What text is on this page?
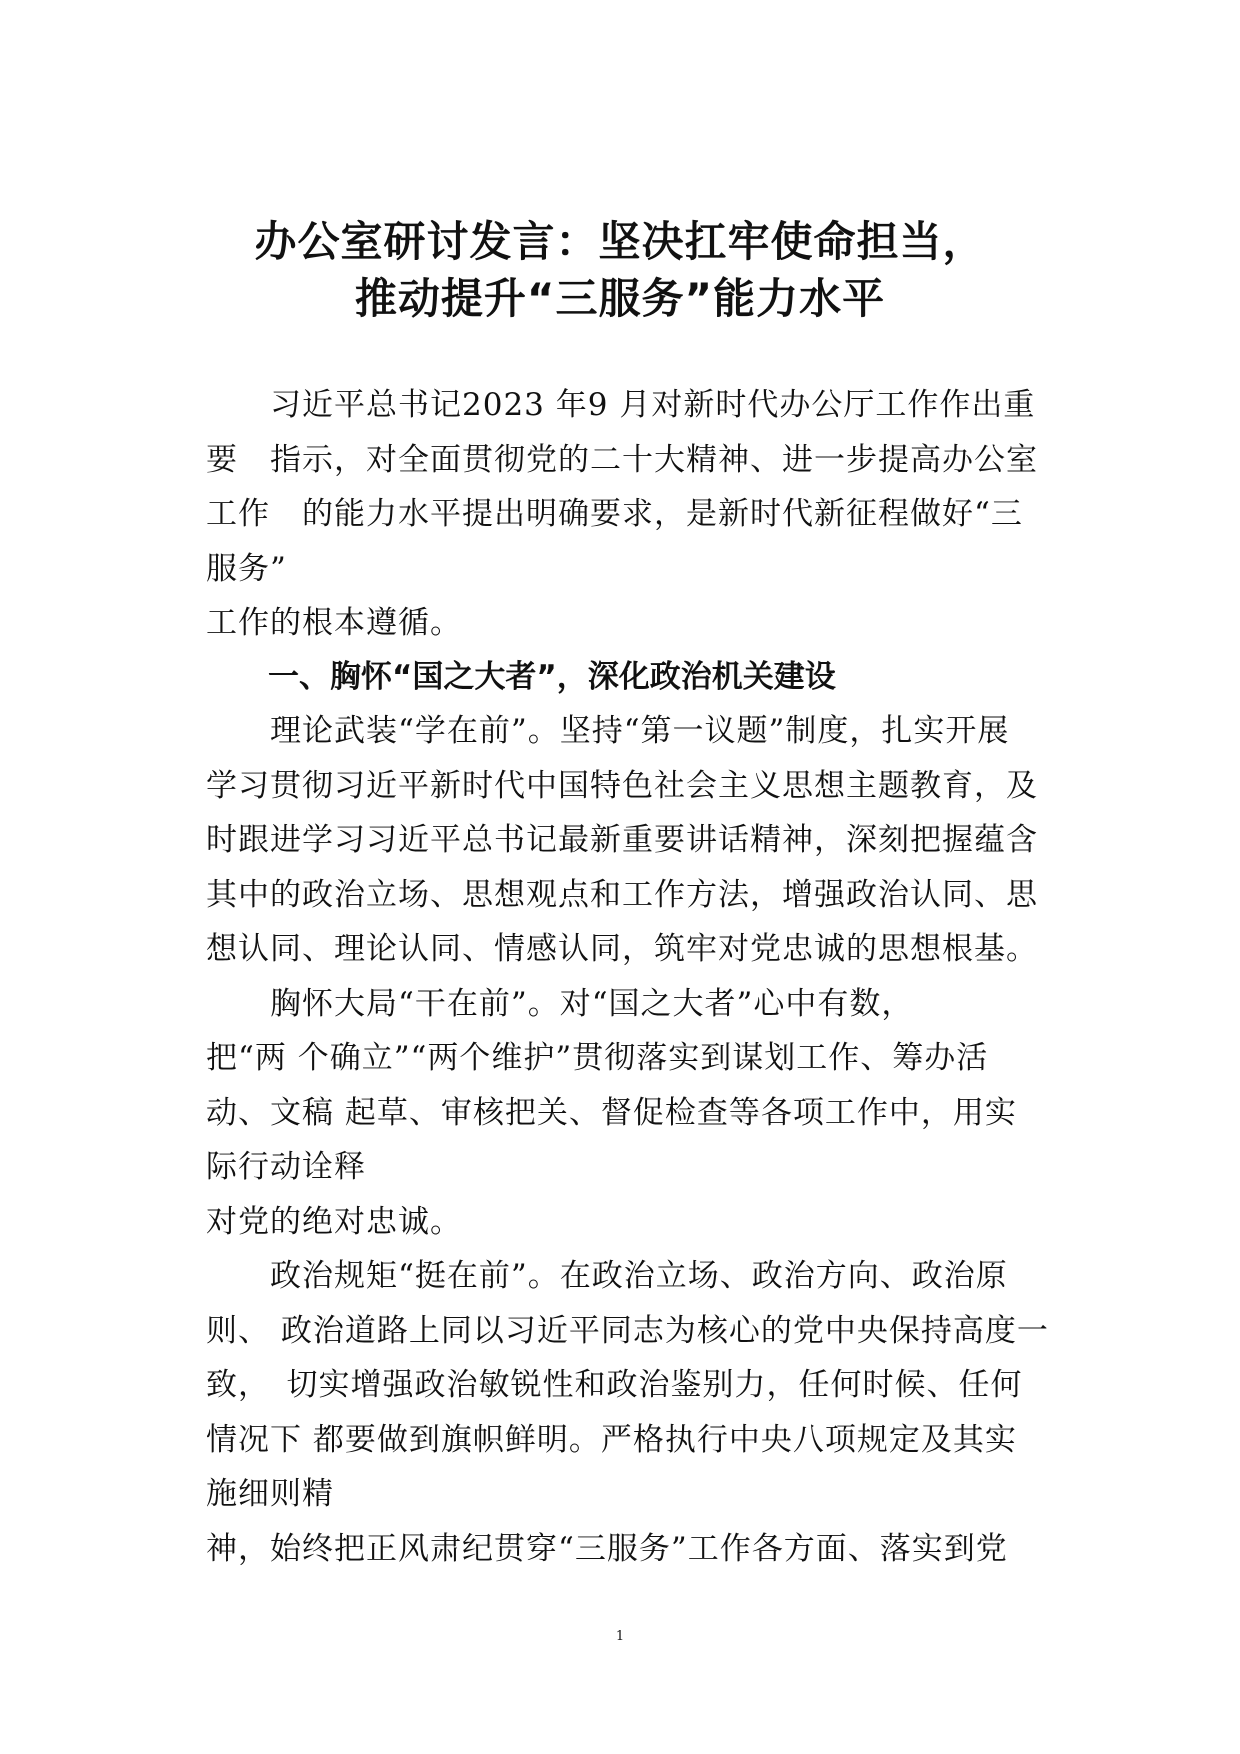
办公室研讨发言：坚决扛牢使命担当，
推动提升“三服务”能力水平

　　习近平总书记2023 年9 月对新时代办公厅工作作出重

要　指示，对全面贯彻党的二十大精神、进一步提高办公室

工作　的能力水平提出明确要求，是新时代新征程做好“三

服务”

工作的根本遵循。

一、胸怀“国之大者”，深化政治机关建设

　　理论武装“学在前”。坚持“第一议题”制度，扎实开展

学习贯彻习近平新时代中国特色社会主义思想主题教育，及

时跟进学习习近平总书记最新重要讲话精神，深刻把握蕴含

其中的政治立场、思想观点和工作方法，增强政治认同、思

想认同、理论认同、情感认同，筑牢对党忠诚的思想根基。

　　胸怀大局“干在前”。对“国之大者”心中有数，

把“两 个确立”“两个维护”贯彻落实到谋划工作、筹办活

动、文稿 起草、审核把关、督促检查等各项工作中，用实

际行动诠释

对党的绝对忠诚。

　　政治规矩“挺在前”。在政治立场、政治方向、政治原

则、 政治道路上同以习近平同志为核心的党中央保持高度一

致，　切实增强政治敏锐性和政治鉴别力，任何时候、任何

情况下 都要做到旗帜鲜明。严格执行中央八项规定及其实

施细则精

神，始终把正风肃纪贯穿“三服务”工作各方面、落实到党

1
